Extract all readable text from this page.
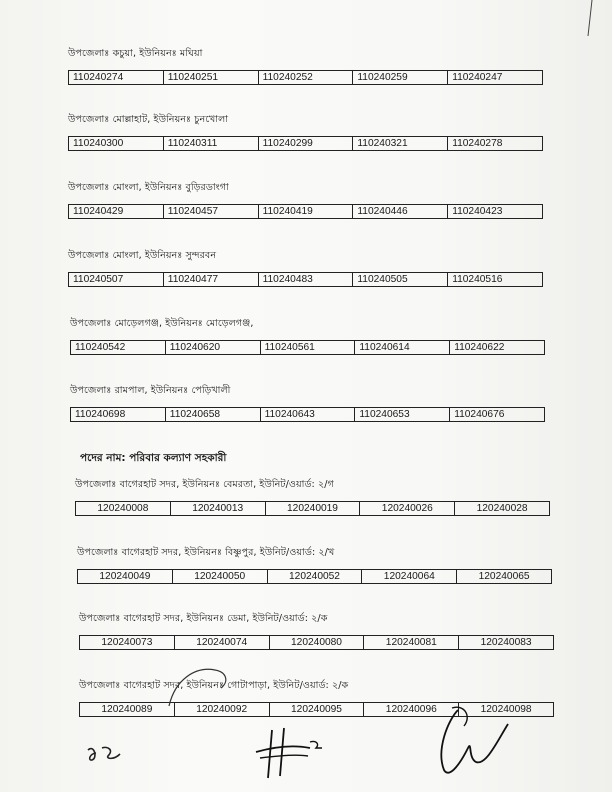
উপজেলাঃ কচুয়া, ইউনিয়নঃ মঘিয়া
110240274	110240251	110240252	110240259	110240247
উপজেলাঃ মোল্লাহাট, ইউনিয়নঃ চুনখোলা
110240300	110240311	110240299	110240321	110240278
উপজেলাঃ মোংলা, ইউনিয়নঃ বুড়িরডাংগা
110240429	110240457	110240419	110240446	110240423
উপজেলাঃ মোংলা, ইউনিয়নঃ সুন্দরবন
110240507	110240477	110240483	110240505	110240516
উপজেলাঃ মোড়েলগঞ্জ, ইউনিয়নঃ মোড়েলগঞ্জ,
110240542	110240620	110240561	110240614	110240622
উপজেলাঃ রামপাল, ইউনিয়নঃ পেড়িখালী
110240698	110240658	110240643	110240653	110240676
পদের নাম: পরিবার কল্যাণ সহকারী
উপজেলাঃ বাগেরহাট সদর, ইউনিয়নঃ বেমরতা, ইউনিট/ওয়ার্ড: ২/গ
120240008	120240013	120240019	120240026	120240028
উপজেলাঃ বাগেরহাট সদর, ইউনিয়নঃ বিষ্ণুপুর, ইউনিট/ওয়ার্ড: ২/খ
120240049	120240050	120240052	120240064	120240065
উপজেলাঃ বাগেরহাট সদর, ইউনিয়নঃ ডেমা, ইউনিট/ওয়ার্ড: ২/ক
120240073	120240074	120240080	120240081	120240083
উপজেলাঃ বাগেরহাট সদর, ইউনিয়নঃ গোটাপাড়া, ইউনিট/ওয়ার্ড: ২/ক
120240089	120240092	120240095	120240096	120240098
